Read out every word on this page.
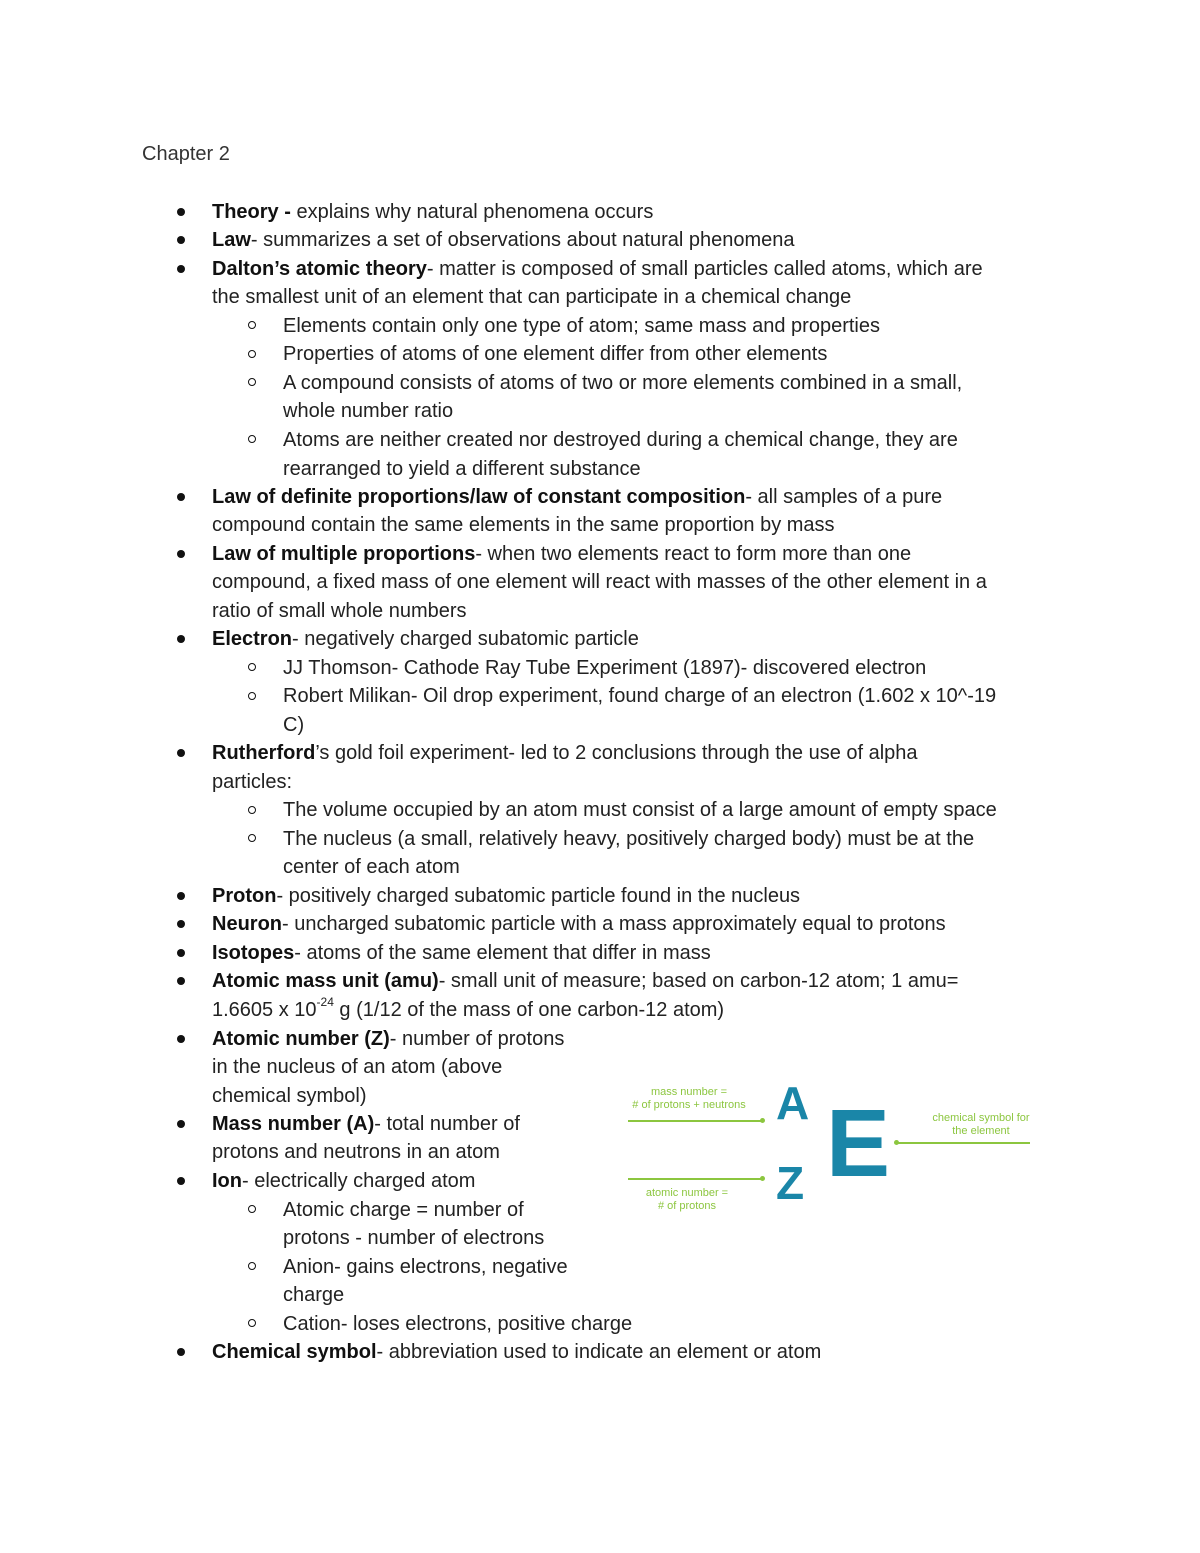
Chapter 2
Theory - explains why natural phenomena occurs
Law- summarizes a set of observations about natural phenomena
Dalton’s atomic theory- matter is composed of small particles called atoms, which are
the smallest unit of an element that can participate in a chemical change
Elements contain only one type of atom; same mass and properties
Properties of atoms of one element differ from other elements
A compound consists of atoms of two or more elements combined in a small,
whole number ratio
Atoms are neither created nor destroyed during a chemical change, they are
rearranged to yield a different substance
Law of definite proportions/law of constant composition- all samples of a pure
compound contain the same elements in the same proportion by mass
Law of multiple proportions- when two elements react to form more than one
compound, a fixed mass of one element will react with masses of the other element in a
ratio of small whole numbers
Electron- negatively charged subatomic particle
JJ Thomson- Cathode Ray Tube Experiment (1897)- discovered electron
Robert Milikan- Oil drop experiment, found charge of an electron (1.602 x 10^-19
C)
Rutherford’s gold foil experiment- led to 2 conclusions through the use of alpha
particles:
The volume occupied by an atom must consist of a large amount of empty space
The nucleus (a small, relatively heavy, positively charged body) must be at the
center of each atom
Proton- positively charged subatomic particle found in the nucleus
Neuron- uncharged subatomic particle with a mass approximately equal to protons
Isotopes- atoms of the same element that differ in mass
Atomic mass unit (amu)- small unit of measure; based on carbon-12 atom; 1 amu=
1.6605 x $10^{-24}$ g (1/12 of the mass of one carbon-12 atom)
Atomic number (Z)- number of protons
in the nucleus of an atom (above
chemical symbol)
Mass number (A)- total number of
protons and neutrons in an atom
Ion- electrically charged atom
Atomic charge = number of
protons - number of electrons
Anion- gains electrons, negative
charge
Cation- loses electrons, positive charge
Chemical symbol- abbreviation used to indicate an element or atom
mass number =
# of protons + neutrons
atomic number =
# of protons
A
Z E	chemical symbol for
the element
